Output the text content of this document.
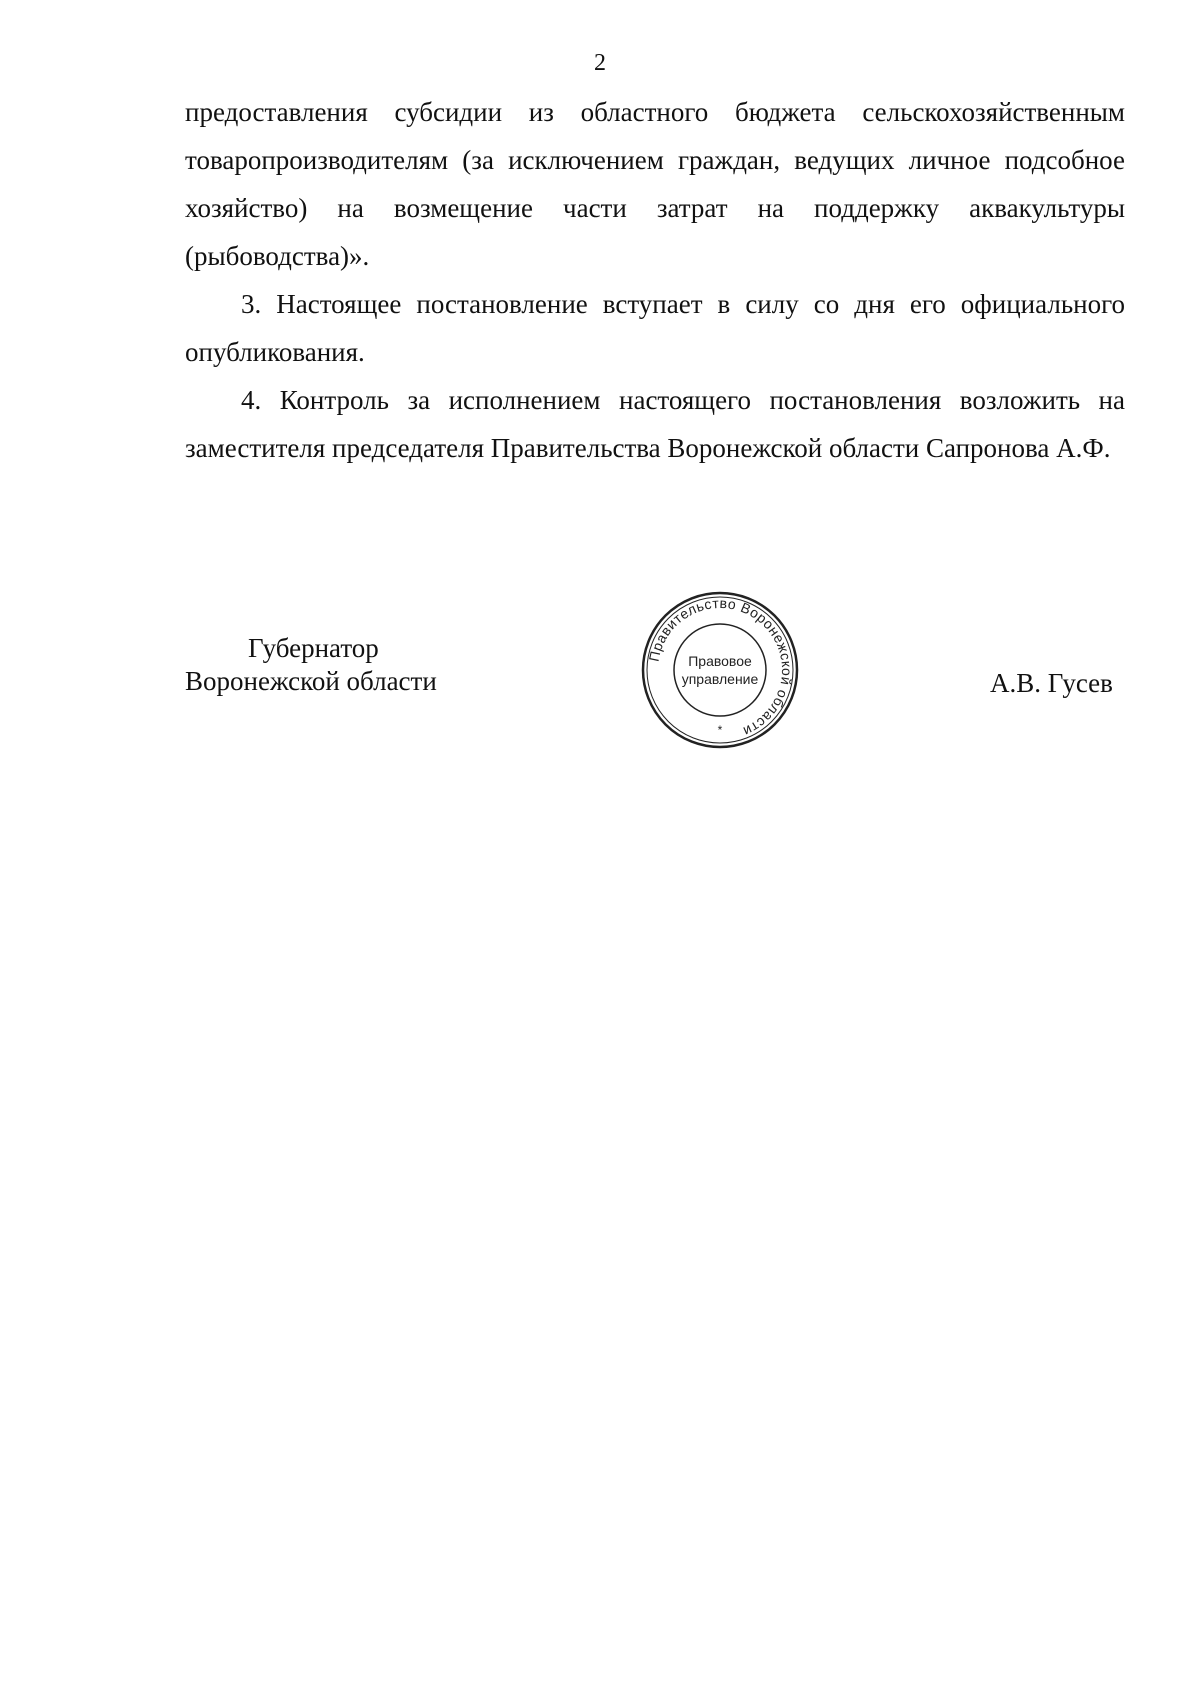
2

предоставления субсидии из областного бюджета сельскохозяйственным товаропроизводителям (за исключением граждан, ведущих личное подсобное хозяйство) на возмещение части затрат на поддержку аквакультуры (рыбоводства)».

3. Настоящее постановление вступает в силу со дня его официального опубликования.

4. Контроль за исполнением настоящего постановления возложить на заместителя председателя Правительства Воронежской области Сапронова А.Ф.

Губернатор
Воронежской области
Правительство Воронежской области
Правовое
управление
*
А.В. Гусев
